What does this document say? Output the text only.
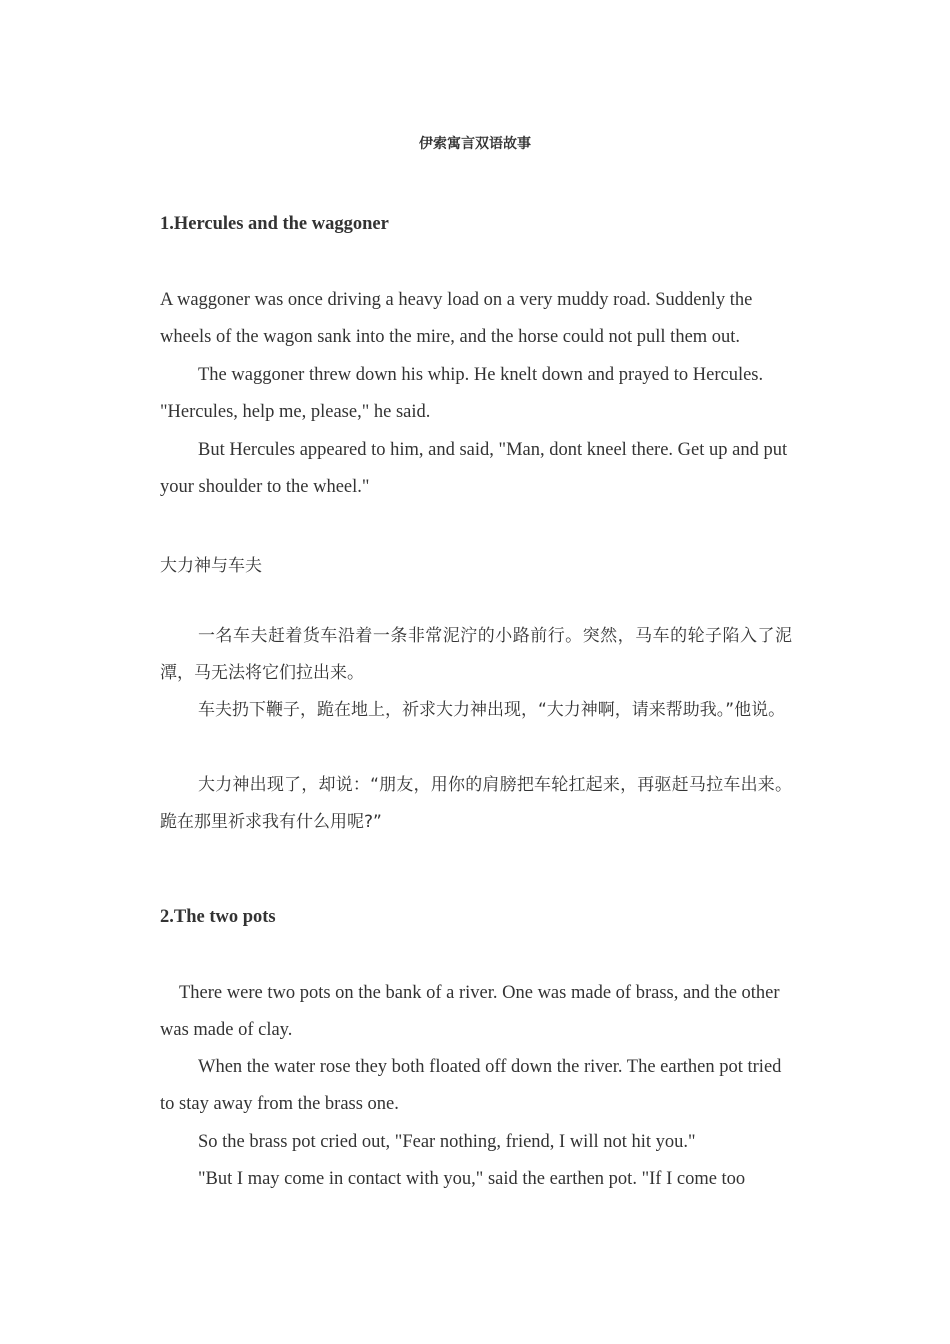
伊索寓言双语故事
1.Hercules and the waggoner

A waggoner was once driving a heavy load on a very muddy road. Suddenly the wheels of the wagon sank into the mire, and the horse could not pull them out.

The waggoner threw down his whip. He knelt down and prayed to Hercules. "Hercules, help me, please," he said.

But Hercules appeared to him, and said, "Man, dont kneel there. Get up and put your shoulder to the wheel."

大力神与车夫

一名车夫赶着货车沿着一条非常泥泞的小路前行。突然，马车的轮子陷入了泥潭，马无法将它们拉出来。

车夫扔下鞭子，跪在地上，祈求大力神出现，“大力神啊，请来帮助我。”他说。

大力神出现了，却说：“朋友，用你的肩膀把车轮扛起来，再驱赶马拉车出来。跪在那里祈求我有什么用呢?”

2.The two pots

There were two pots on the bank of a river. One was made of brass, and the other was made of clay.

When the water rose they both floated off down the river. The earthen pot tried to stay away from the brass one.

So the brass pot cried out, "Fear nothing, friend, I will not hit you."

"But I may come in contact with you," said the earthen pot. "If I come too
